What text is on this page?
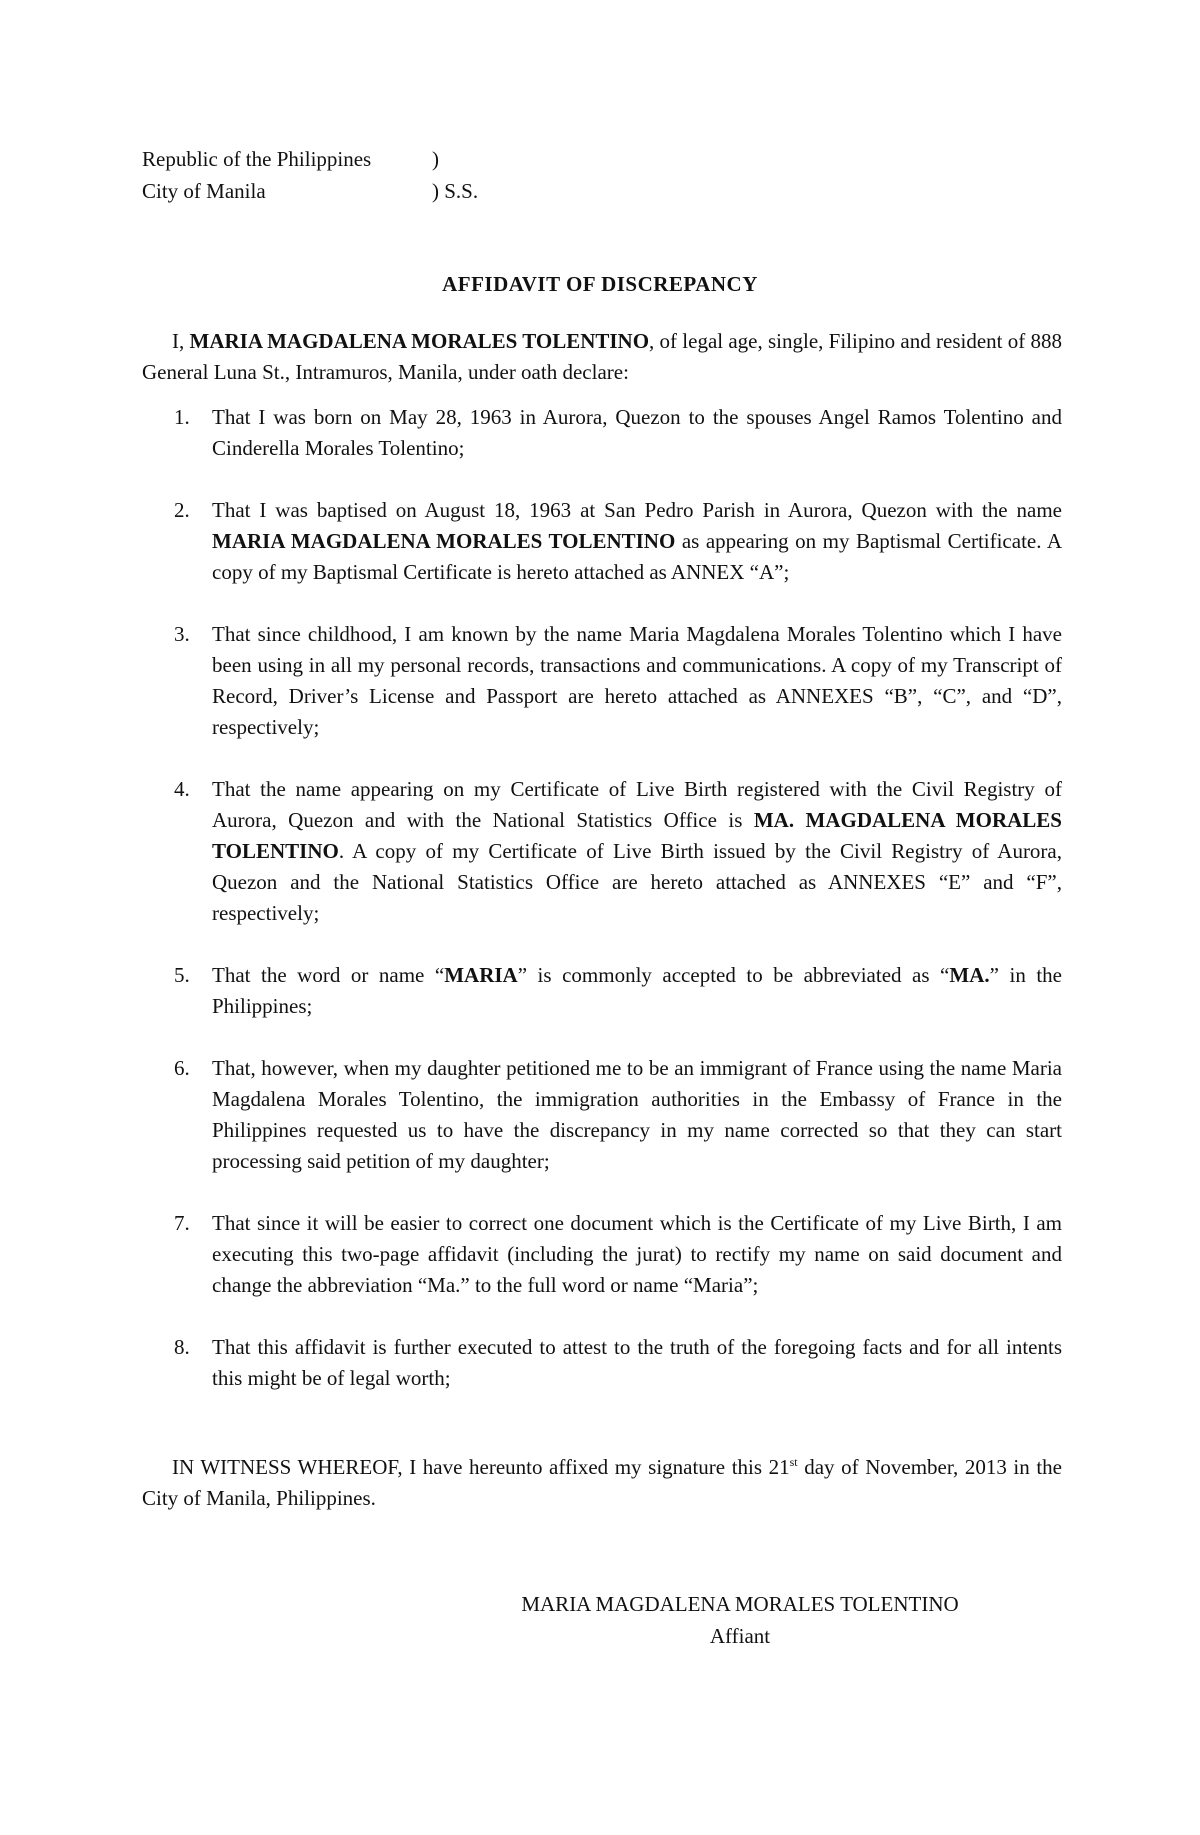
Republic of the Philippines	)
City of Manila	) S.S.
AFFIDAVIT OF DISCREPANCY
I, MARIA MAGDALENA MORALES TOLENTINO, of legal age, single, Filipino and resident of 888 General Luna St., Intramuros, Manila, under oath declare:
1. That I was born on May 28, 1963 in Aurora, Quezon to the spouses Angel Ramos Tolentino and Cinderella Morales Tolentino;
2. That I was baptised on August 18, 1963 at San Pedro Parish in Aurora, Quezon with the name MARIA MAGDALENA MORALES TOLENTINO as appearing on my Baptismal Certificate. A copy of my Baptismal Certificate is hereto attached as ANNEX “A”;
3. That since childhood, I am known by the name Maria Magdalena Morales Tolentino which I have been using in all my personal records, transactions and communications. A copy of my Transcript of Record, Driver’s License and Passport are hereto attached as ANNEXES “B”, “C”, and “D”, respectively;
4. That the name appearing on my Certificate of Live Birth registered with the Civil Registry of Aurora, Quezon and with the National Statistics Office is MA. MAGDALENA MORALES TOLENTINO. A copy of my Certificate of Live Birth issued by the Civil Registry of Aurora, Quezon and the National Statistics Office are hereto attached as ANNEXES “E” and “F”, respectively;
5. That the word or name “MARIA” is commonly accepted to be abbreviated as “MA.” in the Philippines;
6. That, however, when my daughter petitioned me to be an immigrant of France using the name Maria Magdalena Morales Tolentino, the immigration authorities in the Embassy of France in the Philippines requested us to have the discrepancy in my name corrected so that they can start processing said petition of my daughter;
7. That since it will be easier to correct one document which is the Certificate of my Live Birth, I am executing this two-page affidavit (including the jurat) to rectify my name on said document and change the abbreviation “Ma.” to the full word or name “Maria”;
8. That this affidavit is further executed to attest to the truth of the foregoing facts and for all intents this might be of legal worth;
IN WITNESS WHEREOF, I have hereunto affixed my signature this 21st day of November, 2013 in the City of Manila, Philippines.
MARIA MAGDALENA MORALES TOLENTINO
Affiant
